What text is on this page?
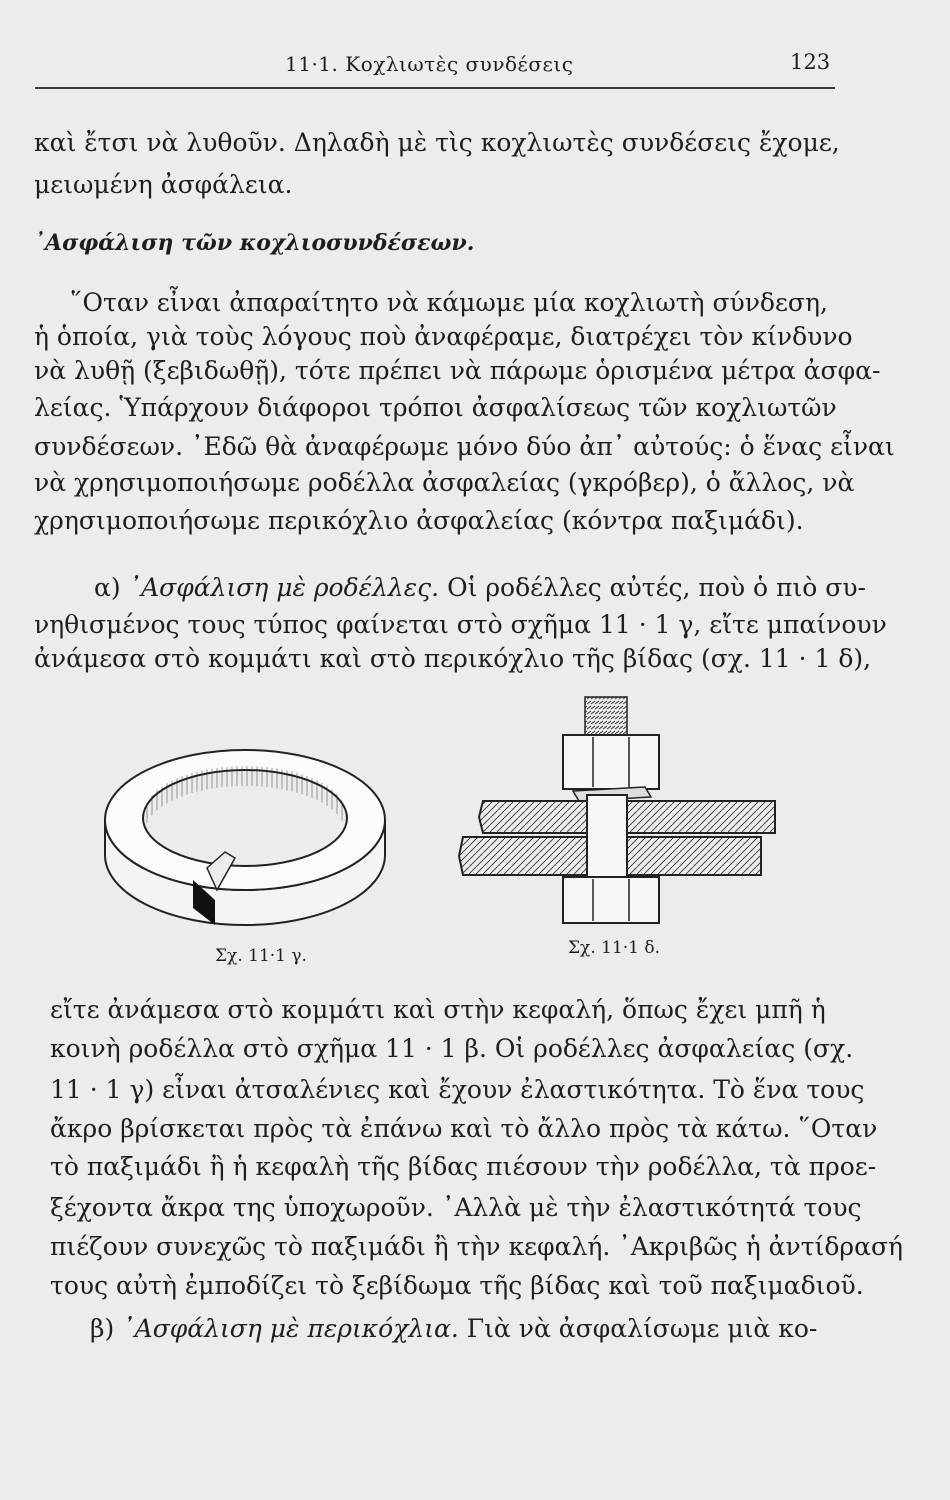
11·1. Κοχλιωτὲς συνδέσεις	123
καὶ ἔτσι νὰ λυθοῦν. Δηλαδὴ μὲ τὶς κοχλιωτὲς συνδέσεις ἔχομε,
μειωμένη ἀσφάλεια.
᾿Ασφάλιση τῶν κοχλιοσυνδέσεων.
῞Οταν εἶναι ἀπαραίτητο νὰ κάμωμε μία κοχλιωτὴ σύνδεση,
ἡ ὁποία, γιὰ τοὺς λόγους ποὺ ἀναφέραμε, διατρέχει τὸν κίνδυνο
νὰ λυθῇ (ξεβιδωθῇ), τότε πρέπει νὰ πάρωμε ὁρισμένα μέτρα ἀσφα-
λείας. Ὑπάρχουν διάφοροι τρόποι ἀσφαλίσεως τῶν κοχλιωτῶν
συνδέσεων. ᾿Εδῶ θὰ ἀναφέρωμε μόνο δύο ἀπ᾿ αὐτούς: ὁ ἕνας εἶναι
νὰ χρησιμοποιήσωμε ροδέλλα ἀσφαλείας (γκρόβερ), ὁ ἄλλος, νὰ
χρησιμοποιήσωμε περικόχλιο ἀσφαλείας (κόντρα παξιμάδι).
α) ᾿Ασφάλιση μὲ ροδέλλες. Οἱ ροδέλλες αὐτές, ποὺ ὁ πιὸ συ-
νηθισμένος τους τύπος φαίνεται στὸ σχῆμα 11 · 1 γ, εἴτε μπαίνουν
ἀνάμεσα στὸ κομμάτι καὶ στὸ περικόχλιο τῆς βίδας (σχ. 11 · 1 δ),
Σχ. 11·1 γ.	Σχ. 11·1 δ.
εἴτε ἀνάμεσα στὸ κομμάτι καὶ στὴν κεφαλή, ὅπως ἔχει μπῆ ἡ
κοινὴ ροδέλλα στὸ σχῆμα 11 · 1 β. Οἱ ροδέλλες ἀσφαλείας (σχ.
11 · 1 γ) εἶναι ἀτσαλένιες καὶ ἔχουν ἐλαστικότητα. Τὸ ἕνα τους
ἄκρο βρίσκεται πρὸς τὰ ἐπάνω καὶ τὸ ἄλλο πρὸς τὰ κάτω. ῞Οταν
τὸ παξιμάδι ἢ ἡ κεφαλὴ τῆς βίδας πιέσουν τὴν ροδέλλα, τὰ προε-
ξέχοντα ἄκρα της ὑποχωροῦν. ᾿Αλλὰ μὲ τὴν ἐλαστικότητά τους
πιέζουν συνεχῶς τὸ παξιμάδι ἢ τὴν κεφαλή. ᾿Ακριβῶς ἡ ἀντίδρασή
τους αὐτὴ ἐμποδίζει τὸ ξεβίδωμα τῆς βίδας καὶ τοῦ παξιμαδιοῦ.
β) ᾿Ασφάλιση μὲ περικόχλια. Γιὰ νὰ ἀσφαλίσωμε μιὰ κο-
